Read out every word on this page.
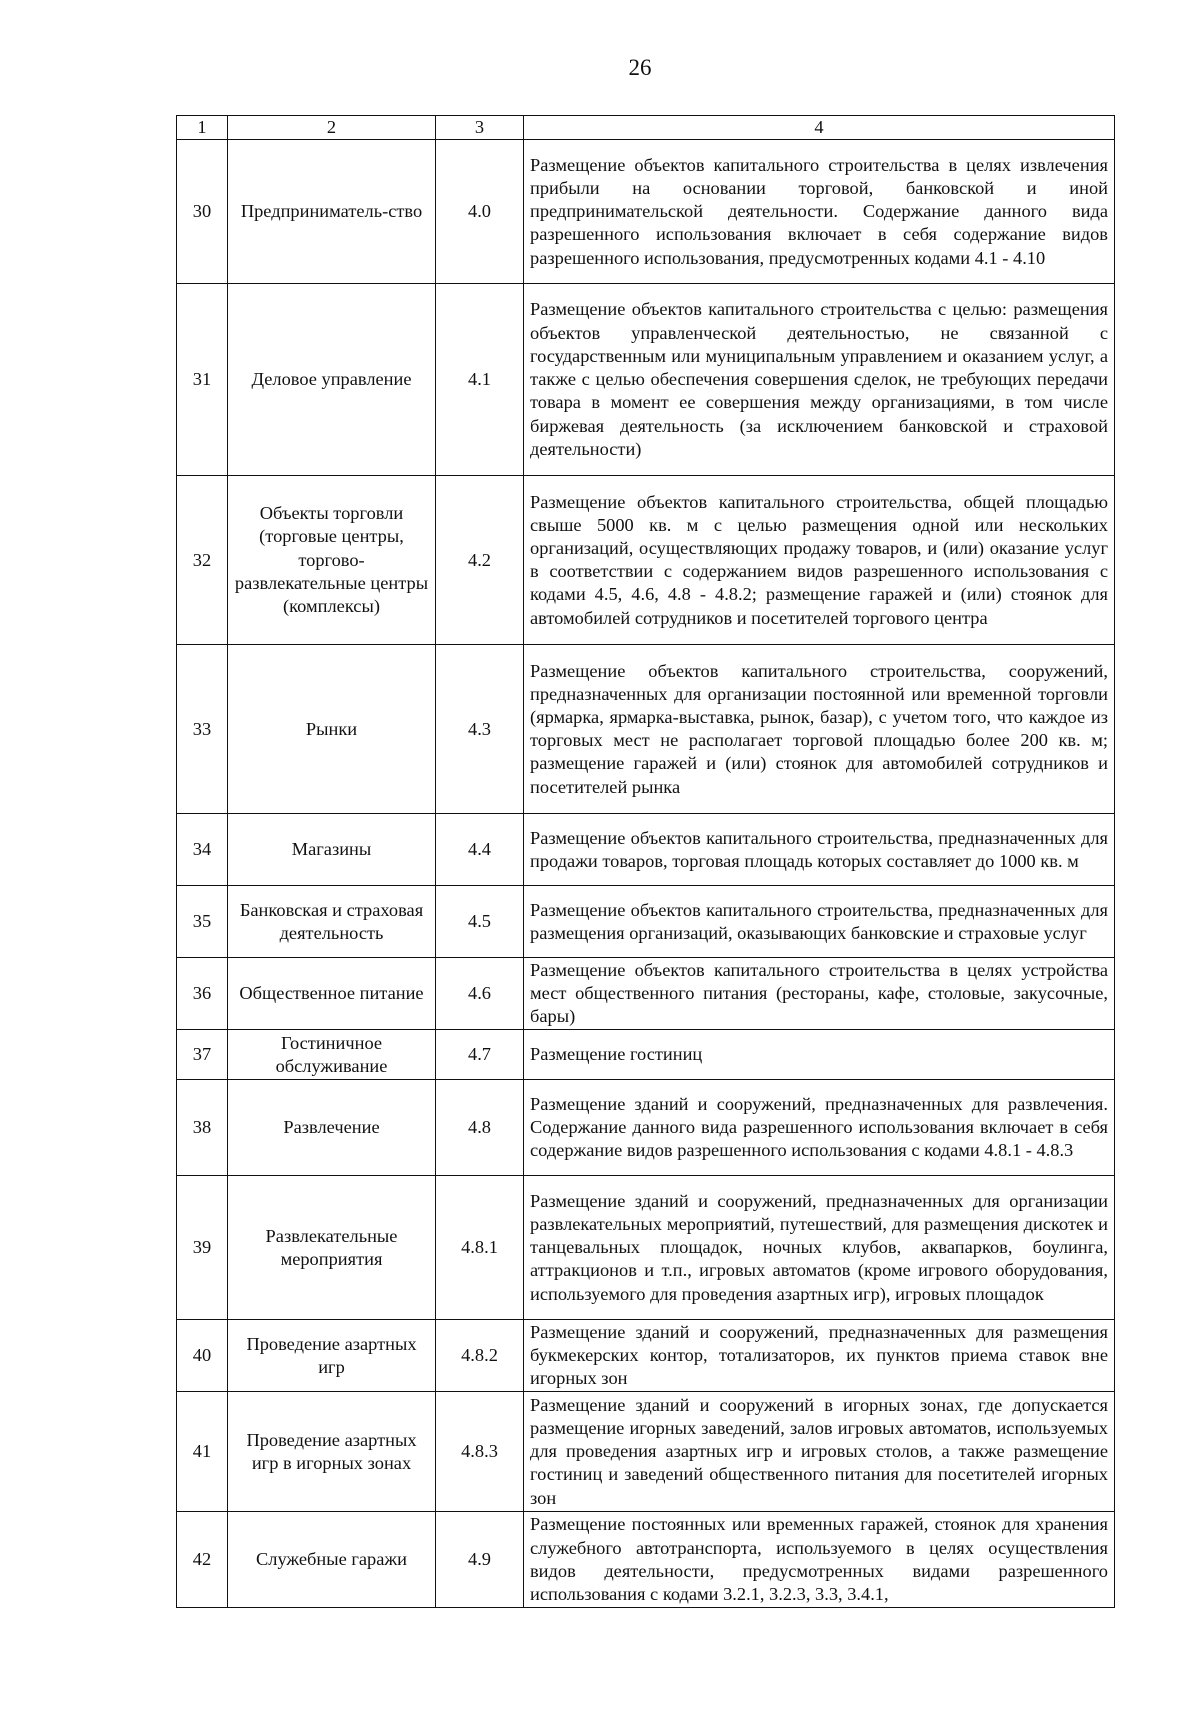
26
1	2	3	4
30	Предприниматель-ство	4.0	Размещение объектов капитального строительства в целях извлечения прибыли на основании торговой, банковской и иной предпринимательской деятельности. Содержание данного вида разрешенного использования включает в себя содержание видов разрешенного использования, предусмотренных кодами 4.1 - 4.10
31	Деловое управление	4.1	Размещение объектов капитального строительства с целью: размещения объектов управленческой деятельностью, не связанной с государственным или муниципальным управлением и оказанием услуг, а также с целью обеспечения совершения сделок, не требующих передачи товара в момент ее совершения между организациями, в том числе биржевая деятельность (за исключением банковской и страховой деятельности)
32	Объекты торговли (торговые центры, торгово-развлекательные центры (комплексы)	4.2	Размещение объектов капитального строительства, общей площадью свыше 5000 кв. м с целью размещения одной или нескольких организаций, осуществляющих продажу товаров, и (или) оказание услуг в соответствии с содержанием видов разрешенного использования с кодами 4.5, 4.6, 4.8 - 4.8.2; размещение гаражей и (или) стоянок для автомобилей сотрудников и посетителей торгового центра
33	Рынки	4.3	Размещение объектов капитального строительства, сооружений, предназначенных для организации постоянной или временной торговли (ярмарка, ярмарка-выставка, рынок, базар), с учетом того, что каждое из торговых мест не располагает торговой площадью более 200 кв. м; размещение гаражей и (или) стоянок для автомобилей сотрудников и посетителей рынка
34	Магазины	4.4	Размещение объектов капитального строительства, предназначенных для продажи товаров, торговая площадь которых составляет до 1000 кв. м
35	Банковская и страховая деятельность	4.5	Размещение объектов капитального строительства, предназначенных для размещения организаций, оказывающих банковские и страховые услуг
36	Общественное питание	4.6	Размещение объектов капитального строительства в целях устройства мест общественного питания (рестораны, кафе, столовые, закусочные, бары)
37	Гостиничное обслуживание	4.7	Размещение гостиниц
38	Развлечение	4.8	Размещение зданий и сооружений, предназначенных для развлечения. Содержание данного вида разрешенного использования включает в себя содержание видов разрешенного использования с кодами 4.8.1 - 4.8.3
39	Развлекательные мероприятия	4.8.1	Размещение зданий и сооружений, предназначенных для организации развлекательных мероприятий, путешествий, для размещения дискотек и танцевальных площадок, ночных клубов, аквапарков, боулинга, аттракционов и т.п., игровых автоматов (кроме игрового оборудования, используемого для проведения азартных игр), игровых площадок
40	Проведение азартных игр	4.8.2	Размещение зданий и сооружений, предназначенных для размещения букмекерских контор, тотализаторов, их пунктов приема ставок вне игорных зон
41	Проведение азартных игр в игорных зонах	4.8.3	Размещение зданий и сооружений в игорных зонах, где допускается размещение игорных заведений, залов игровых автоматов, используемых для проведения азартных игр и игровых столов, а также размещение гостиниц и заведений общественного питания для посетителей игорных зон
42	Служебные гаражи	4.9	Размещение постоянных или временных гаражей, стоянок для хранения служебного автотранспорта, используемого в целях осуществления видов деятельности, предусмотренных видами разрешенного использования с кодами 3.2.1, 3.2.3, 3.3, 3.4.1,
